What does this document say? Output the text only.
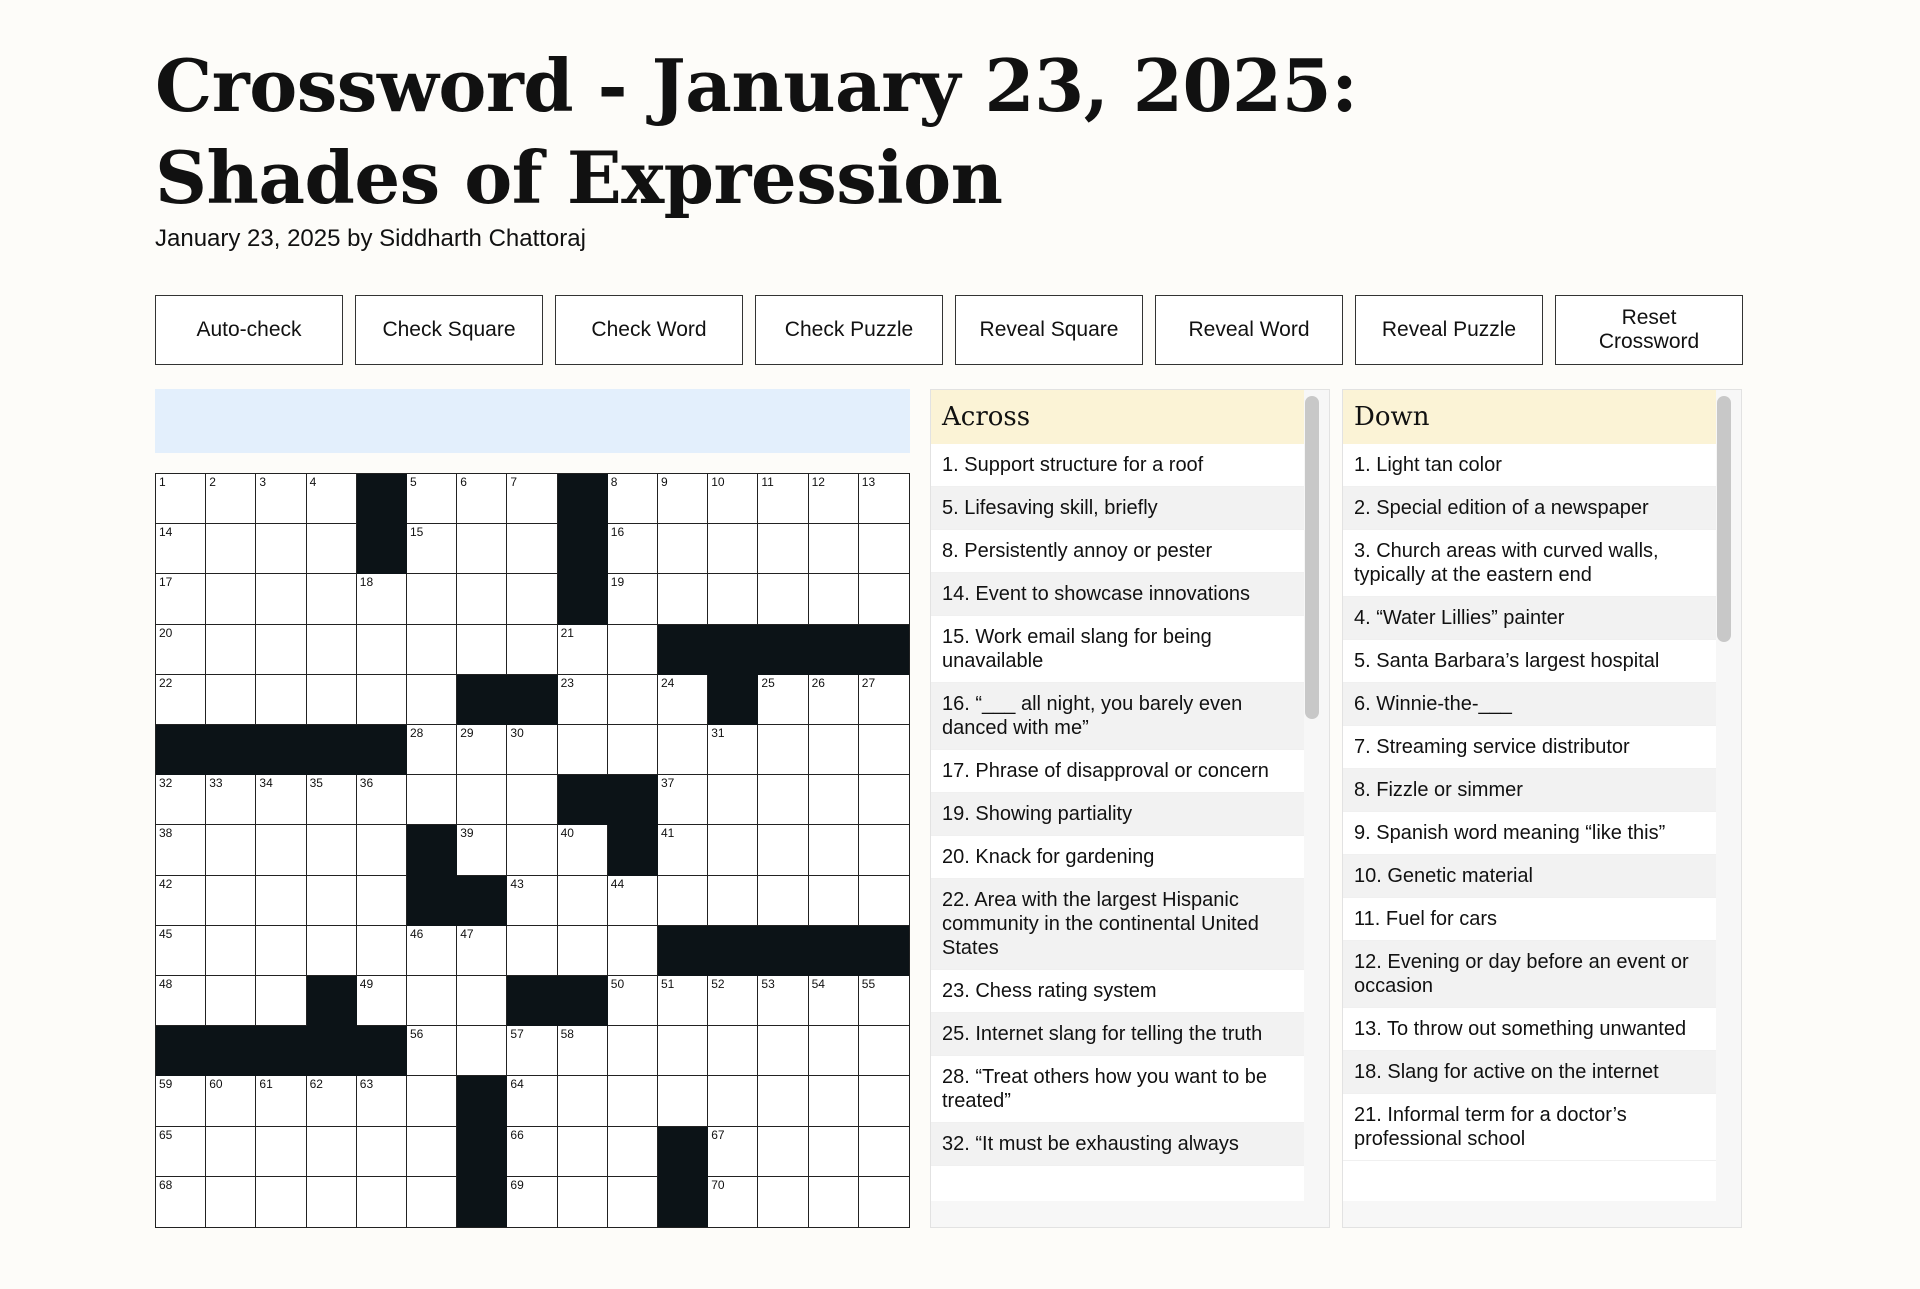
Crossword - January 23, 2025: Shades of Expression
January 23, 2025 by Siddharth Chattoraj
Auto-check	Check Square	Check Word	Check Puzzle	Reveal Square	Reveal Word	Reveal Puzzle
Reset Crossword
1	2	3	4	5	6	7	8	9	10	11	12	13
14	15	16
17	18	19
20	21
22	23	24	25	26	27
28	29	30	31
32	33	34	35	36	37
38	39	40	41
42	43	44
45	46	47
48	49	50	51	52	53	54	55
56	57	58
59	60	61	62	63	64
65	66	67
68	69	70
Across
1. Support structure for a roof
5. Lifesaving skill, briefly
8. Persistently annoy or pester
14. Event to showcase innovations
15. Work email slang for being unavailable
16. “___ all night, you barely even danced with me”
17. Phrase of disapproval or concern
19. Showing partiality
20. Knack for gardening
22. Area with the largest Hispanic community in the continental United States
23. Chess rating system
25. Internet slang for telling the truth
28. “Treat others how you want to be treated”
32. “It must be exhausting always
Down
1. Light tan color
2. Special edition of a newspaper
3. Church areas with curved walls, typically at the eastern end
4. “Water Lillies” painter
5. Santa Barbara’s largest hospital
6. Winnie-the-___
7. Streaming service distributor
8. Fizzle or simmer
9. Spanish word meaning “like this”
10. Genetic material
11. Fuel for cars
12. Evening or day before an event or occasion
13. To throw out something unwanted
18. Slang for active on the internet
21. Informal term for a doctor’s professional school
